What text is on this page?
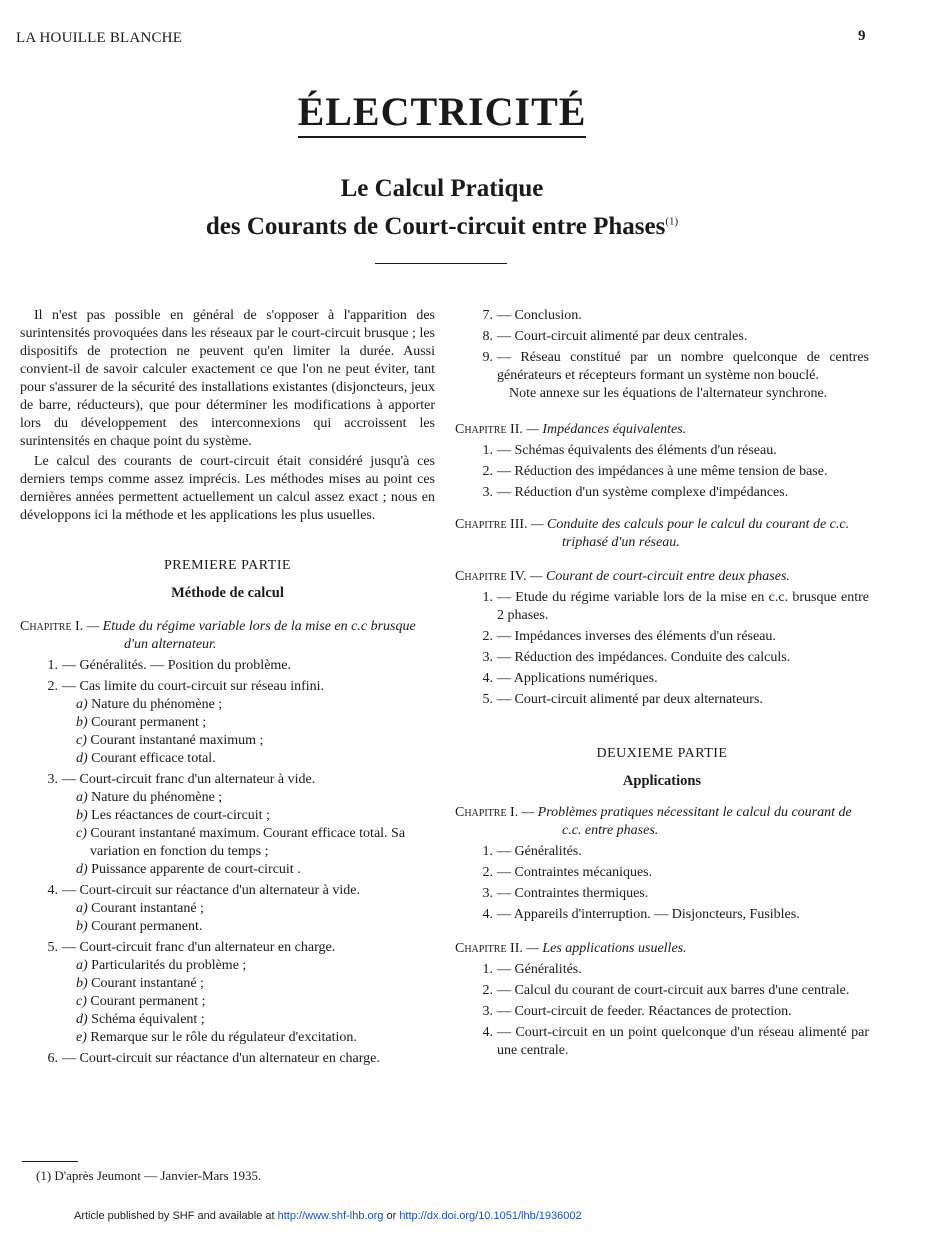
LA HOUILLE BLANCHE	9
ÉLECTRICITÉ
Le Calcul Pratique
des Courants de Court-circuit entre Phases$^{(1)}$

Il n'est pas possible en général de s'opposer à l'apparition des surintensités provoquées dans les réseaux par le court-circuit brusque ; les dispositifs de protection ne peuvent qu'en limiter la durée. Aussi convient-il de savoir calculer exactement ce que l'on ne peut éviter, tant pour s'assurer de la sécurité des installations existantes (disjoncteurs, jeux de barre, réducteurs), que pour déterminer les modifications à apporter lors du développement des interconnexions qui accroissent les surintensités en chaque point du système.

Le calcul des courants de court-circuit était considéré jusqu'à ces derniers temps comme assez imprécis. Les méthodes mises au point ces dernières années permettent actuellement un calcul assez exact ; nous en développons ici la méthode et les applications les plus usuelles.

PREMIERE PARTIE
Méthode de calcul
Chapitre I. — Etude du régime variable lors de la mise en c.c brusque d'un alternateur.
1. — Généralités. — Position du problème.
2. — Cas limite du court-circuit sur réseau infini.
a) Nature du phénomène ;
b) Courant permanent ;
c) Courant instantané maximum ;
d) Courant efficace total.
3. — Court-circuit franc d'un alternateur à vide.
a) Nature du phénomène ;
b) Les réactances de court-circuit ;
c) Courant instantané maximum. Courant efficace total. Sa variation en fonction du temps ;
d) Puissance apparente de court-circuit .
4. — Court-circuit sur réactance d'un alternateur à vide.
a) Courant instantané ;
b) Courant permanent.
5. — Court-circuit franc d'un alternateur en charge.
a) Particularités du problème ;
b) Courant instantané ;
c) Courant permanent ;
d) Schéma équivalent ;
e) Remarque sur le rôle du régulateur d'excitation.
6. — Court-circuit sur réactance d'un alternateur en charge.
7. — Conclusion.
8. — Court-circuit alimenté par deux centrales.
9. — Réseau constitué par un nombre quelconque de centres générateurs et récepteurs formant un système non bouclé.
Note annexe sur les équations de l'alternateur synchrone.
Chapitre II. — Impédances équivalentes.
1. — Schémas équivalents des éléments d'un réseau.
2. — Réduction des impédances à une même tension de base.
3. — Réduction d'un système complexe d'impédances.
Chapitre III. — Conduite des calculs pour le calcul du courant de c.c. triphasé d'un réseau.
Chapitre IV. — Courant de court-circuit entre deux phases.
1. — Etude du régime variable lors de la mise en c.c. brusque entre 2 phases.
2. — Impédances inverses des éléments d'un réseau.
3. — Réduction des impédances. Conduite des calculs.
4. — Applications numériques.
5. — Court-circuit alimenté par deux alternateurs.
DEUXIEME PARTIE
Applications
Chapitre I. — Problèmes pratiques nécessitant le calcul du courant de c.c. entre phases.
1. — Généralités.
2. — Contraintes mécaniques.
3. — Contraintes thermiques.
4. — Appareils d'interruption. — Disjoncteurs, Fusibles.
Chapitre II. — Les applications usuelles.
1. — Généralités.
2. — Calcul du courant de court-circuit aux barres d'une centrale.
3. — Court-circuit de feeder. Réactances de protection.
4. — Court-circuit en un point quelconque d'un réseau alimenté par une centrale.
(1) D'après Jeumont — Janvier-Mars 1935.
Article published by SHF and available at http://www.shf-lhb.org or http://dx.doi.org/10.1051/lhb/1936002
